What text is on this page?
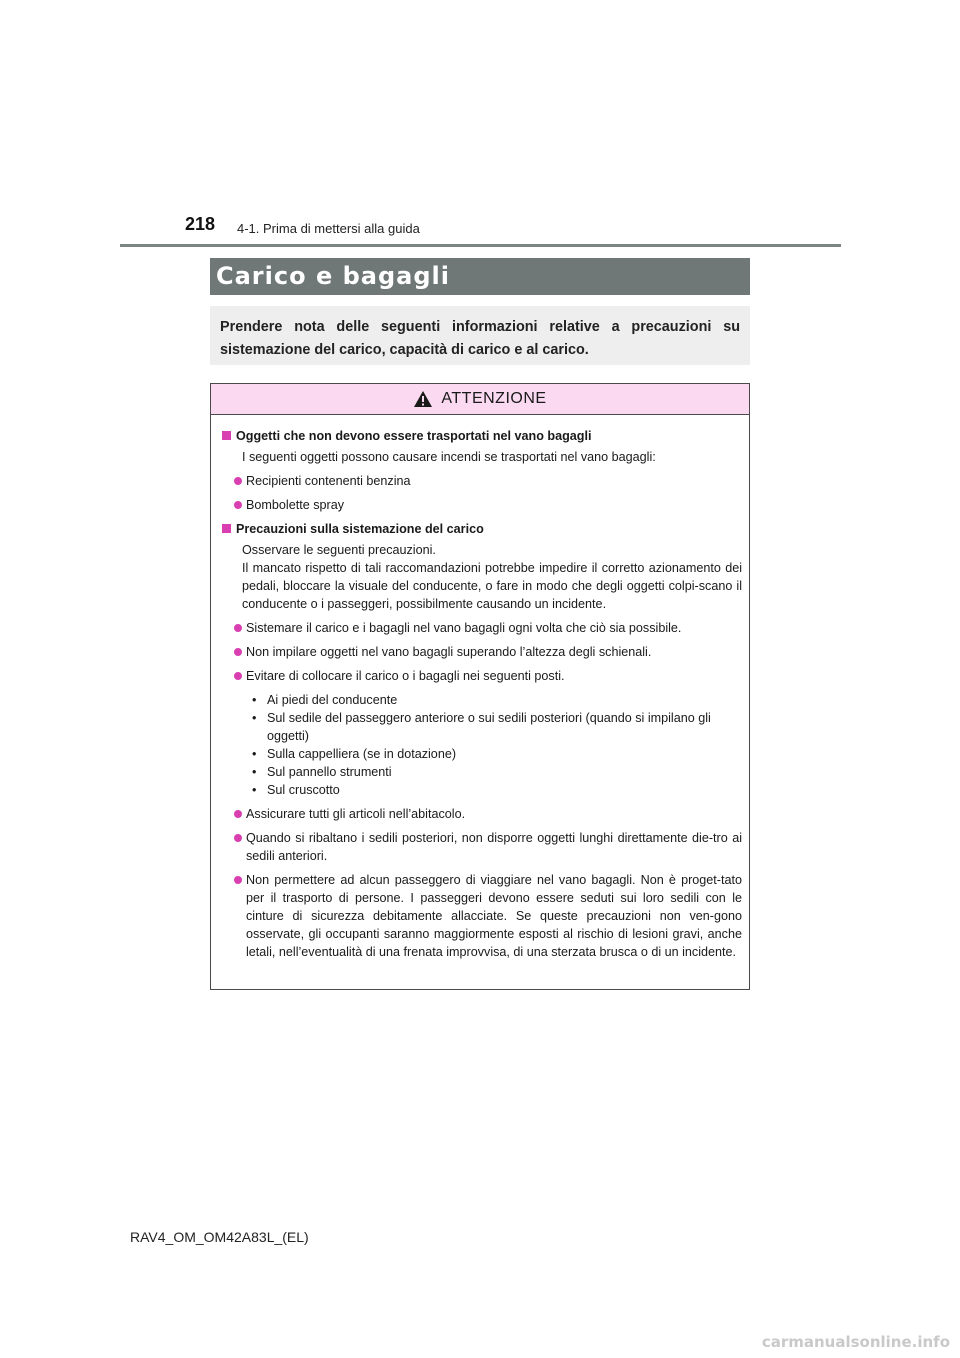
218 4-1. Prima di mettersi alla guida
Carico e bagagli

Prendere nota delle seguenti informazioni relative a precauzioni su sistemazione del carico, capacità di carico e al carico.

ATTENZIONE
Oggetti che non devono essere trasportati nel vano bagagli
I seguenti oggetti possono causare incendi se trasportati nel vano bagagli:
Recipienti contenenti benzina
Bombolette spray
Precauzioni sulla sistemazione del carico
Osservare le seguenti precauzioni.
Il mancato rispetto di tali raccomandazioni potrebbe impedire il corretto azionamento dei pedali, bloccare la visuale del conducente, o fare in modo che degli oggetti colpi-scano il conducente o i passeggeri, possibilmente causando un incidente.
Sistemare il carico e i bagagli nel vano bagagli ogni volta che ciò sia possibile.
Non impilare oggetti nel vano bagagli superando l’altezza degli schienali.
Evitare di collocare il carico o i bagagli nei seguenti posti.
• Ai piedi del conducente
• Sul sedile del passeggero anteriore o sui sedili posteriori (quando si impilano gli oggetti)
• Sulla cappelliera (se in dotazione)
• Sul pannello strumenti
• Sul cruscotto
Assicurare tutti gli articoli nell’abitacolo.
Quando si ribaltano i sedili posteriori, non disporre oggetti lunghi direttamente die-tro ai sedili anteriori.
Non permettere ad alcun passeggero di viaggiare nel vano bagagli. Non è proget-tato per il trasporto di persone. I passeggeri devono essere seduti sui loro sedili con le cinture di sicurezza debitamente allacciate. Se queste precauzioni non ven-gono osservate, gli occupanti saranno maggiormente esposti al rischio di lesioni gravi, anche letali, nell’eventualità di una frenata improvvisa, di una sterzata brusca o di un incidente.
RAV4_OM_OM42A83L_(EL)
carmanualsonline.info
